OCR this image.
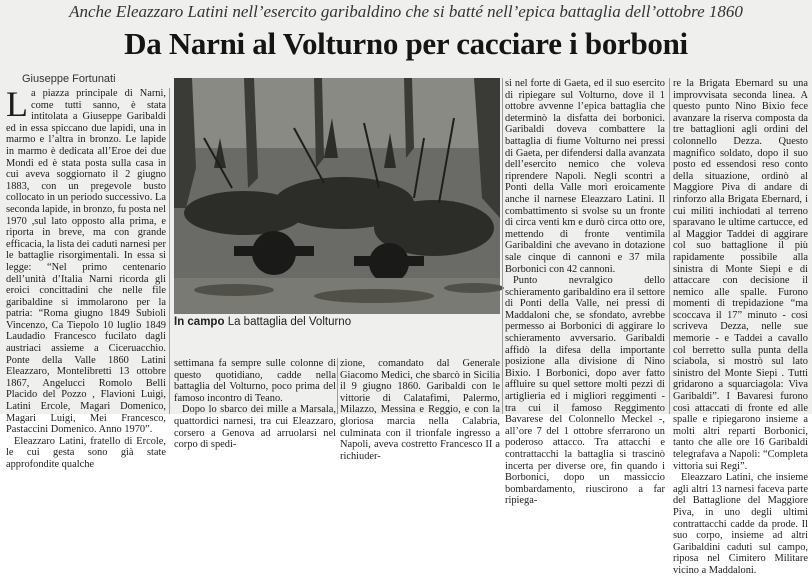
Anche Eleazzaro Latini nell’esercito garibaldino che si batté nell’epica battaglia dell’ottobre 1860
Da Narni al Volturno per cacciare i borboni
Giuseppe Fortunati

La piazza principale di Narni, come tutti sanno, è stata intitolata a Giuseppe Garibaldi ed in essa spiccano due lapidi, una in marmo e l’altra in bronzo. Le lapide in marmo è dedicata all’Eroe dei due Mondi ed è stata posta sulla casa in cui aveva soggiornato il 2 giugno 1883, con un pregevole busto collocato in un periodo successivo. La seconda lapide, in bronzo, fu posta nel 1970 ,sul lato opposto alla prima, e riporta in breve, ma con grande efficacia, la lista dei caduti narnesi per le battaglie risorgimentali. In essa si legge: “Nel primo centenario dell’unità d’Italia Narni ricorda gli eroici concittadini che nelle file garibaldine si immolarono per la patria: “Roma giugno 1849 Subioli Vincenzo, Ca Tiepolo 10 luglio 1849 Laudadio Francesco fucilato dagli austriaci assieme a Ciceruacchio. Ponte della Valle 1860 Latini Eleazzaro, Montelibretti 13 ottobre 1867, Angelucci Romolo Belli Placido del Pozzo , Flavioni Luigi, Latini Ercole, Magari Domenico, Magari Luigi, Mei Francesco, Pastaccini Domenico. Anno 1970”.

Eleazzaro Latini, fratello di Ercole, le cui gesta sono già state approfondite qualche

In campo La battaglia del Volturno

settimana fa sempre sulle colonne di questo quotidiano, cadde nella battaglia del Volturno, poco prima del famoso incontro di Teano.

Dopo lo sbarco dei mille a Marsala, quattordici narnesi, tra cui Eleazzaro, corsero a Genova ad arruolarsi nel corpo di spedi-

zione, comandato dal Generale Giacomo Medici, che sbarcò in Sicilia il 9 giugno 1860. Garibaldi con le vittorie di Calatafimi, Palermo, Milazzo, Messina e Reggio, e con la gloriosa marcia nella Calabria, culminata con il trionfale ingresso a Napoli, aveva costretto Francesco II a richiuder-

si nel forte di Gaeta, ed il suo esercito di ripiegare sul Volturno, dove il 1 ottobre avvenne l’epica battaglia che determinò la disfatta dei borbonici. Garibaldi doveva combattere la battaglia di fiume Volturno nei pressi di Gaeta, per difendersi dalla avanzata dell’esercito nemico che voleva riprendere Napoli. Negli scontri a Ponti della Valle morì eroicamente anche il narnese Eleazzaro Latini. Il combattimento si svolse su un fronte di circa venti km e durò circa otto ore, mettendo di fronte ventimila Garibaldini che avevano in dotazione sale cinque di cannoni e 37 mila Borbonici con 42 cannoni.

Punto nevralgico dello schieramento garibaldino era il settore di Ponti della Valle, nei pressi di Maddaloni che, se sfondato, avrebbe permesso ai Borbonici di aggirare lo schieramento avversario. Garibaldi affidò la difesa della importante posizione alla divisione di Nino Bixio. I Borbonici, dopo aver fatto affluire su quel settore molti pezzi di artiglieria ed i migliori reggimenti - tra cui il famoso Reggimento Bavarese del Colonnello Meckel -, all’ore 7 del 1 ottobre sferrarono un poderoso attacco. Tra attacchi e contrattacchi la battaglia si trascinò incerta per diverse ore, fin quando i Borbonici, dopo un massiccio bombardamento, riuscirono a far ripiega-

re la Brigata Ebernard su una improvvisata seconda linea. A questo punto Nino Bixio fece avanzare la riserva composta da tre battaglioni agli ordini del colonnello Dezza. Questo magnifico soldato, dopo il suo posto ed essendosi reso conto della situazione, ordinò al Maggiore Piva di andare di rinforzo alla Brigata Ebernard, i cui militi inchiodati al terreno sparavano le ultime cartucce, ed al Maggior Taddei di aggirare col suo battaglione il più rapidamente possibile alla sinistra di Monte Siepi e di attaccare con decisione il nemico alle spalle. Furono momenti di trepidazione “ma scoccava il 17” minuto - così scriveva Dezza, nelle sue memorie - e Taddei a cavallo col berretto sulla punta della sciabola, si mostrò sul lato sinistro del Monte Siepi . Tutti gridarono a squarciagola: Viva Garibaldi”. I Bavaresi furono così attaccati di fronte ed alle spalle e ripiegarono insieme a molti altri reparti Borbonici, tanto che alle ore 16 Garibaldi telegrafava a Napoli: “Completa vittoria sui Regi”.

Eleazzaro Latini, che insieme agli altri 13 narnesi faceva parte del Battaglione del Maggiore Piva, in uno degli ultimi contrattacchi cadde da prode. Il suo corpo, insieme ad altri Garibaldini caduti sul campo, riposa nel Cimitero Militare vicino a Maddaloni.
